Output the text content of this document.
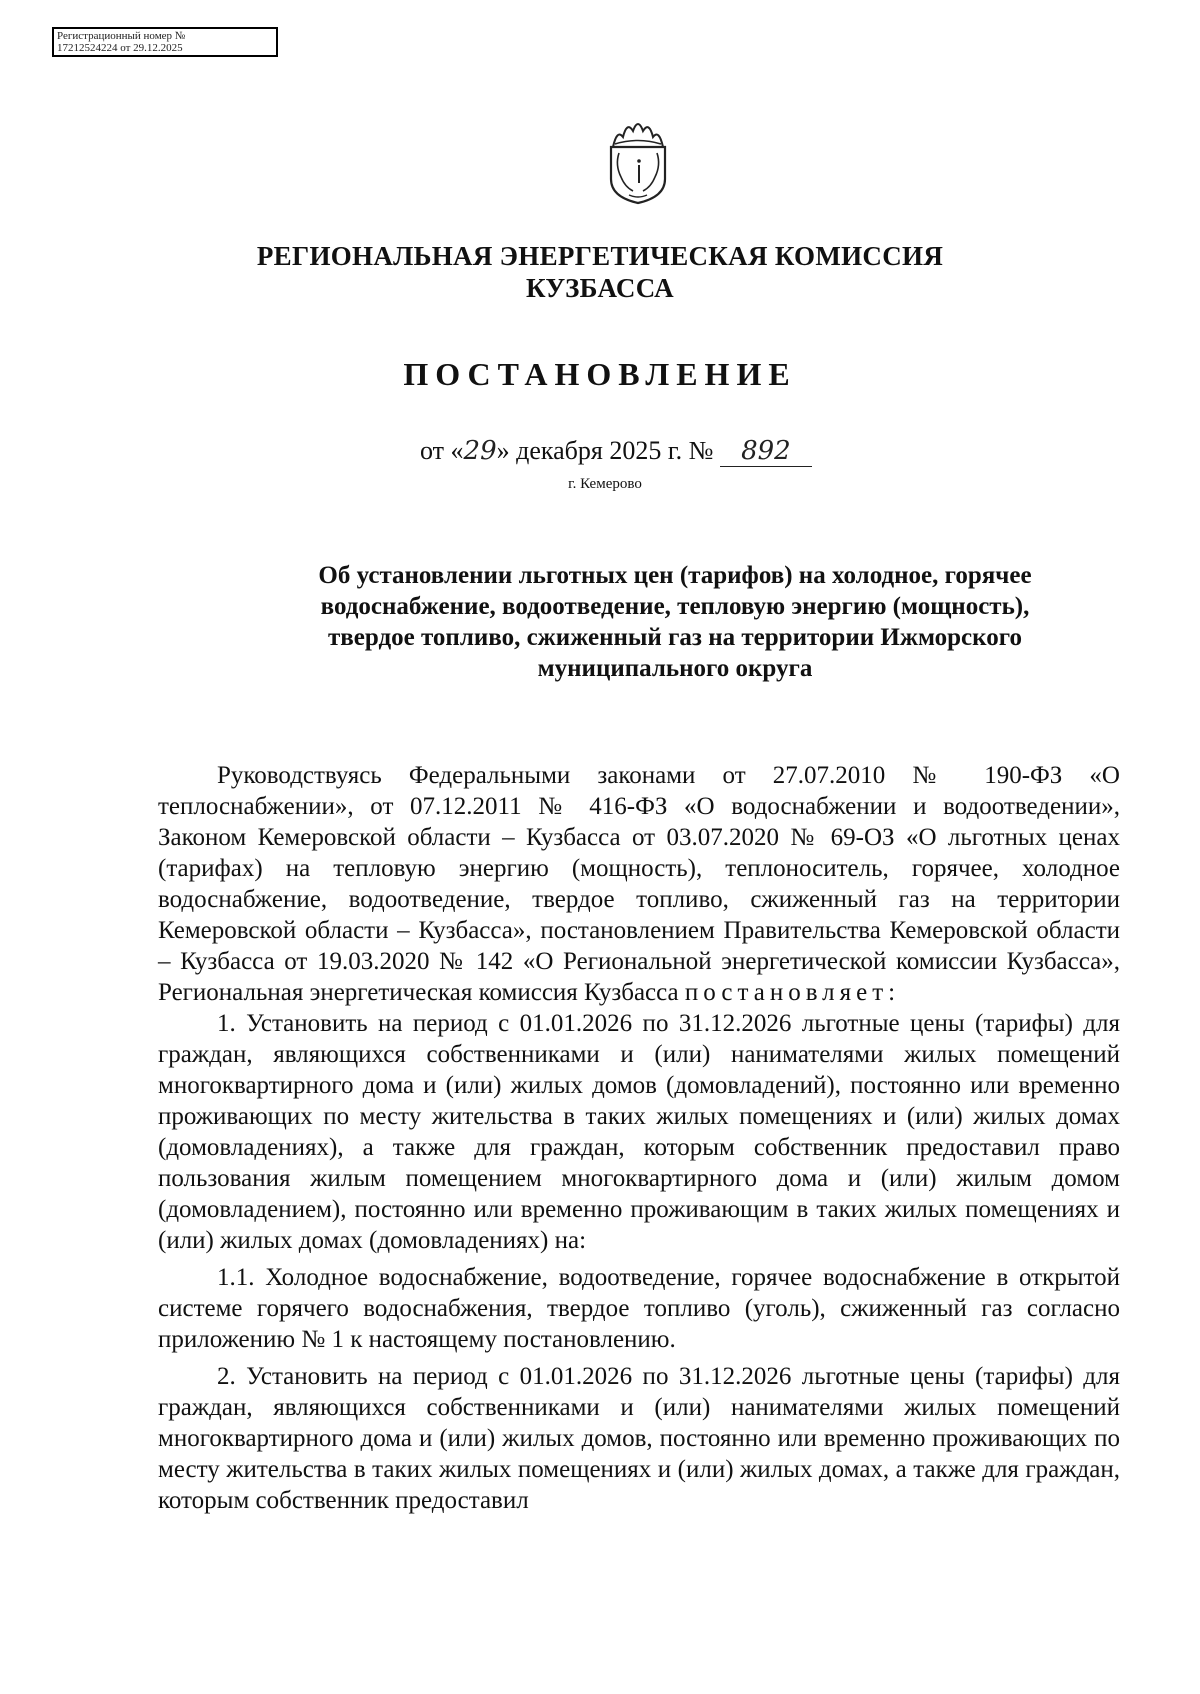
Регистрационный номер №
17212524224 от 29.12.2025
РЕГИОНАЛЬНАЯ ЭНЕРГЕТИЧЕСКАЯ КОМИССИЯ
КУЗБАССА
ПОСТАНОВЛЕНИЕ
от «29» декабря 2025 г. № 892
г. Кемерово
Об установлении льготных цен (тарифов) на холодное, горячее
водоснабжение, водоотведение, тепловую энергию (мощность),
твердое топливо, сжиженный газ на территории Ижморского
муниципального округа

Руководствуясь Федеральными законами от 27.07.2010 № 190-ФЗ «О теплоснабжении», от 07.12.2011 № 416-ФЗ «О водоснабжении и водоотведении», Законом Кемеровской области – Кузбасса от 03.07.2020 № 69-ОЗ «О льготных ценах (тарифах) на тепловую энергию (мощность), теплоноситель, горячее, холодное водоснабжение, водоотведение, твердое топливо, сжиженный газ на территории Кемеровской области – Кузбасса», постановлением Правительства Кемеровской области – Кузбасса от 19.03.2020 № 142 «О Региональной энергетической комиссии Кузбасса», Региональная энергетическая комиссия Кузбасса постановляет:

1. Установить на период с 01.01.2026 по 31.12.2026 льготные цены (тарифы) для граждан, являющихся собственниками и (или) нанимателями жилых помещений многоквартирного дома и (или) жилых домов (домовладений), постоянно или временно проживающих по месту жительства в таких жилых помещениях и (или) жилых домах (домовладениях), а также для граждан, которым собственник предоставил право пользования жилым помещением многоквартирного дома и (или) жилым домом (домовладением), постоянно или временно проживающим в таких жилых помещениях и (или) жилых домах (домовладениях) на:

1.1. Холодное водоснабжение, водоотведение, горячее водоснабжение в открытой системе горячего водоснабжения, твердое топливо (уголь), сжиженный газ согласно приложению № 1 к настоящему постановлению.

2. Установить на период с 01.01.2026 по 31.12.2026 льготные цены (тарифы) для граждан, являющихся собственниками и (или) нанимателями жилых помещений многоквартирного дома и (или) жилых домов, постоянно или временно проживающих по месту жительства в таких жилых помещениях и (или) жилых домах, а также для граждан, которым собственник предоставил
